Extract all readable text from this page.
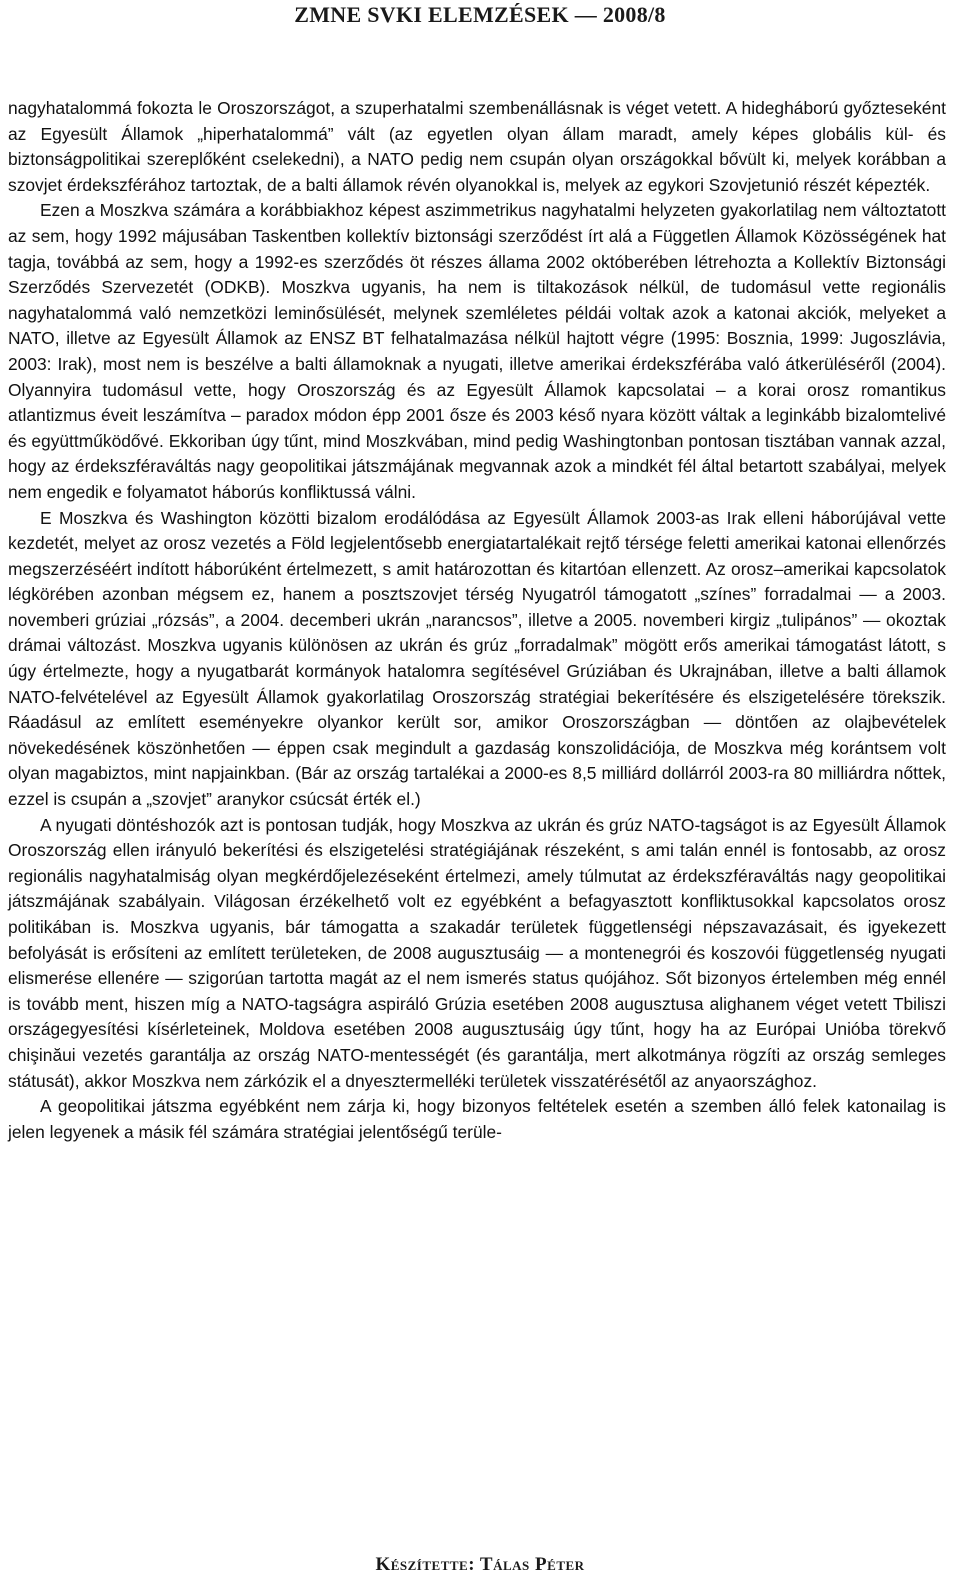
ZMNE SVKI ELEMZÉSEK — 2008/8

nagyhatalommá fokozta le Oroszországot, a szuperhatalmi szembenállásnak is véget vetett. A hidegháború győzteseként az Egyesült Államok „hiperhatalommá” vált (az egyetlen olyan állam maradt, amely képes globális kül- és biztonságpolitikai szereplőként cselekedni), a NATO pedig nem csupán olyan országokkal bővült ki, melyek korábban a szovjet érdekszférához tartoztak, de a balti államok révén olyanokkal is, melyek az egykori Szovjetunió részét képezték.

Ezen a Moszkva számára a korábbiakhoz képest aszimmetrikus nagyhatalmi helyzeten gyakorlatilag nem változtatott az sem, hogy 1992 májusában Taskentben kollektív biztonsági szerződést írt alá a Független Államok Közösségének hat tagja, továbbá az sem, hogy a 1992-es szerződés öt részes állama 2002 októberében létrehozta a Kollektív Biztonsági Szerződés Szervezetét (ODKB). Moszkva ugyanis, ha nem is tiltakozások nélkül, de tudomásul vette regionális nagyhatalommá való nemzetközi leminősülését, melynek szemléletes példái voltak azok a katonai akciók, melyeket a NATO, illetve az Egyesült Államok az ENSZ BT felhatalmazása nélkül hajtott végre (1995: Bosznia, 1999: Jugoszlávia, 2003: Irak), most nem is beszélve a balti államoknak a nyugati, illetve amerikai érdekszférába való átkerüléséről (2004). Olyannyira tudomásul vette, hogy Oroszország és az Egyesült Államok kapcsolatai – a korai orosz romantikus atlantizmus éveit leszámítva – paradox módon épp 2001 ősze és 2003 késő nyara között váltak a leginkább bizalomtelivé és együttműködővé. Ekkoriban úgy tűnt, mind Moszkvában, mind pedig Washingtonban pontosan tisztában vannak azzal, hogy az érdekszféraváltás nagy geopolitikai játszmájának megvannak azok a mindkét fél által betartott szabályai, melyek nem engedik e folyamatot háborús konfliktussá válni.

E Moszkva és Washington közötti bizalom erodálódása az Egyesült Államok 2003-as Irak elleni háborújával vette kezdetét, melyet az orosz vezetés a Föld legjelentősebb energiatartalékait rejtő térsége feletti amerikai katonai ellenőrzés megszerzéséért indított háborúként értelmezett, s amit határozottan és kitartóan ellenzett. Az orosz–amerikai kapcsolatok légkörében azonban mégsem ez, hanem a posztszovjet térség Nyugatról támogatott „színes” forradalmai — a 2003. novemberi grúziai „rózsás”, a 2004. decemberi ukrán „narancsos”, illetve a 2005. novemberi kirgiz „tulipános” — okoztak drámai változást. Moszkva ugyanis különösen az ukrán és grúz „forradalmak” mögött erős amerikai támogatást látott, s úgy értelmezte, hogy a nyugatbarát kormányok hatalomra segítésével Grúziában és Ukrajnában, illetve a balti államok NATO-felvételével az Egyesült Államok gyakorlatilag Oroszország stratégiai bekerítésére és elszigetelésére törekszik. Ráadásul az említett eseményekre olyankor került sor, amikor Oroszországban — döntően az olajbevételek növekedésének köszönhetően — éppen csak megindult a gazdaság konszolidációja, de Moszkva még korántsem volt olyan magabiztos, mint napjainkban. (Bár az ország tartalékai a 2000-es 8,5 milliárd dollárról 2003-ra 80 milliárdra nőttek, ezzel is csupán a „szovjet” aranykor csúcsát érték el.)

A nyugati döntéshozók azt is pontosan tudják, hogy Moszkva az ukrán és grúz NATO-tagságot is az Egyesült Államok Oroszország ellen irányuló bekerítési és elszigetelési stratégiájának részeként, s ami talán ennél is fontosabb, az orosz regionális nagyhatalmiság olyan megkérdőjelezéseként értelmezi, amely túlmutat az érdekszféraváltás nagy geopolitikai játszmájának szabályain. Világosan érzékelhető volt ez egyébként a befagyasztott konfliktusokkal kapcsolatos orosz politikában is. Moszkva ugyanis, bár támogatta a szakadár területek függetlenségi népszavazásait, és igyekezett befolyását is erősíteni az említett területeken, de 2008 augusztusáig — a montenegrói és koszovói függetlenség nyugati elismerése ellenére — szigorúan tartotta magát az el nem ismerés status quójához. Sőt bizonyos értelemben még ennél is tovább ment, hiszen míg a NATO-tagságra aspiráló Grúzia esetében 2008 augusztusa alighanem véget vetett Tbiliszi országegyesítési kísérleteinek, Moldova esetében 2008 augusztusáig úgy tűnt, hogy ha az Európai Unióba törekvő chişinăui vezetés garantálja az ország NATO-mentességét (és garantálja, mert alkotmánya rögzíti az ország semleges státusát), akkor Moszkva nem zárkózik el a dnyesztermelléki területek visszatérésétől az anyaországhoz.

A geopolitikai játszma egyébként nem zárja ki, hogy bizonyos feltételek esetén a szemben álló felek katonailag is jelen legyenek a másik fél számára stratégiai jelentőségű terüle-

Készítette: Tálas Péter
